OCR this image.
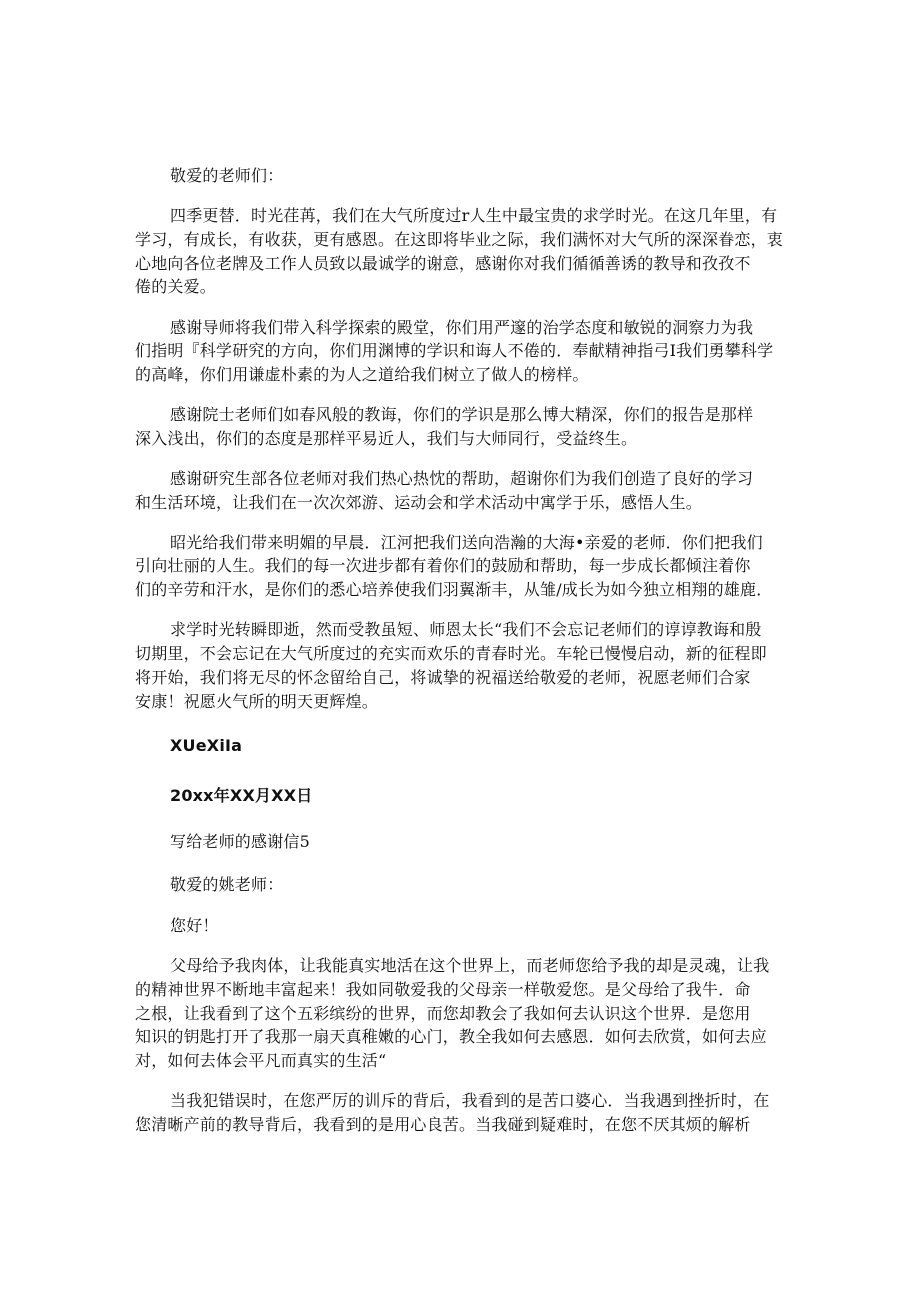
敬爱的老师们：
四季更替．时光荏苒，我们在大气所度过r人生中最宝贵的求学时光。在这几年里，有
学习，有成长，有收获，更有感恩。在这即将毕业之际，我们满怀对大气所的深深眷恋，衷
心地向各位老牌及工作人员致以最诚学的谢意，感谢你对我们循循善诱的教导和孜孜不
倦的关爱。
感谢导师将我们带入科学探索的殿堂，你们用严邃的治学态度和敏锐的洞察力为我
们指明『科学研究的方向，你们用渊博的学识和诲人不倦的．奉献精神指弓I我们勇攀科学
的高峰，你们用谦虚朴素的为人之道给我们树立了做人的榜样。
感谢院士老师们如春风般的教诲，你们的学识是那么博大精深，你们的报告是那样
深入浅出，你们的态度是那样平易近人，我们与大师同行，受益终生。
感谢研究生部各位老师对我们热心热忱的帮助，超谢你们为我们创造了良好的学习
和生活环境，让我们在一次次郊游、运动会和学术活动中寓学于乐，感悟人生。
昭光给我们带来明媚的早晨．江河把我们送向浩瀚的大海•亲爱的老师．你们把我们
引向壮丽的人生。我们的每一次进步都有着你们的鼓励和帮助，每一步成长都倾注着你
们的辛劳和汗水，是你们的悉心培养使我们羽翼渐丰，从雏/成长为如今独立相翔的雄鹿．
求学时光转瞬即逝，然而受教虽短、师恩太长“我们不会忘记老师们的谆谆教诲和殷
切期里，不会忘记在大气所度过的充实而欢乐的青春时光。车轮已慢慢启动，新的征程即
将开始，我们将无尽的怀念留给自己，将诚挚的祝福送给敬爱的老师，祝愿老师们合家
安康！祝愿火气所的明天更辉煌。
XUeXiIa
20xx年XX月XX日
写给老师的感谢信5
敬爱的姚老师：
您好！
父母给予我肉体，让我能真实地活在这个世界上，而老师您给予我的却是灵魂，让我
的精神世界不断地丰富起来！我如同敬爱我的父母亲一样敬爱您。是父母给了我牛．命
之根，让我看到了这个五彩缤纷的世界，而您却教会了我如何去认识这个世界．是您用
知识的钥匙打开了我那一扇天真稚嫩的心门，教全我如何去感恩．如何去欣赏，如何去应
对，如何去体会平凡而真实的生活“
当我犯错误时，在您严厉的训斥的背后，我看到的是苦口婆心．当我遇到挫折时，在
您清晰产前的教导背后，我看到的是用心良苦。当我碰到疑难时，在您不厌其烦的解析
